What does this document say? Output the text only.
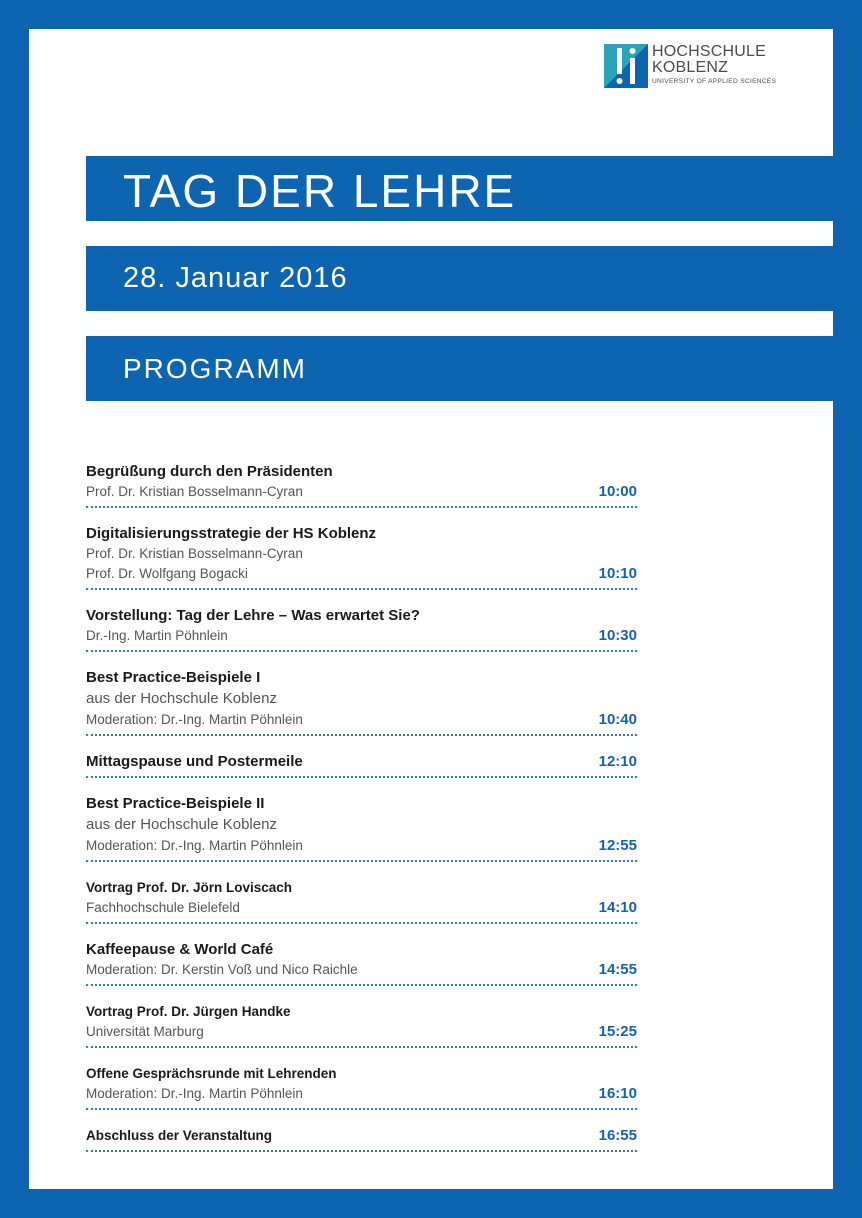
HOCHSCHULE
KOBLENZ
UNIVERSITY OF APPLIED SCIENCES
TAG DER LEHRE
28. Januar 2016
PROGRAMM
Begrüßung durch den Präsidenten
Prof. Dr. Kristian Bosselmann-Cyran	10:00
Digitalisierungsstrategie der HS Koblenz
Prof. Dr. Kristian Bosselmann-Cyran
Prof. Dr. Wolfgang Bogacki	10:10
Vorstellung: Tag der Lehre – Was erwartet Sie?
Dr.-Ing. Martin Pöhnlein	10:30
Best Practice-Beispiele I
aus der Hochschule Koblenz
Moderation: Dr.-Ing. Martin Pöhnlein	10:40
Mittagspause und Postermeile	12:10
Best Practice-Beispiele II
aus der Hochschule Koblenz
Moderation: Dr.-Ing. Martin Pöhnlein	12:55
Vortrag Prof. Dr. Jörn Loviscach
Fachhochschule Bielefeld	14:10
Kaffeepause & World Café
Moderation: Dr. Kerstin Voß und Nico Raichle	14:55
Vortrag Prof. Dr. Jürgen Handke
Universität Marburg	15:25
Offene Gesprächsrunde mit Lehrenden
Moderation: Dr.-Ing. Martin Pöhnlein	16:10
Abschluss der Veranstaltung	16:55
